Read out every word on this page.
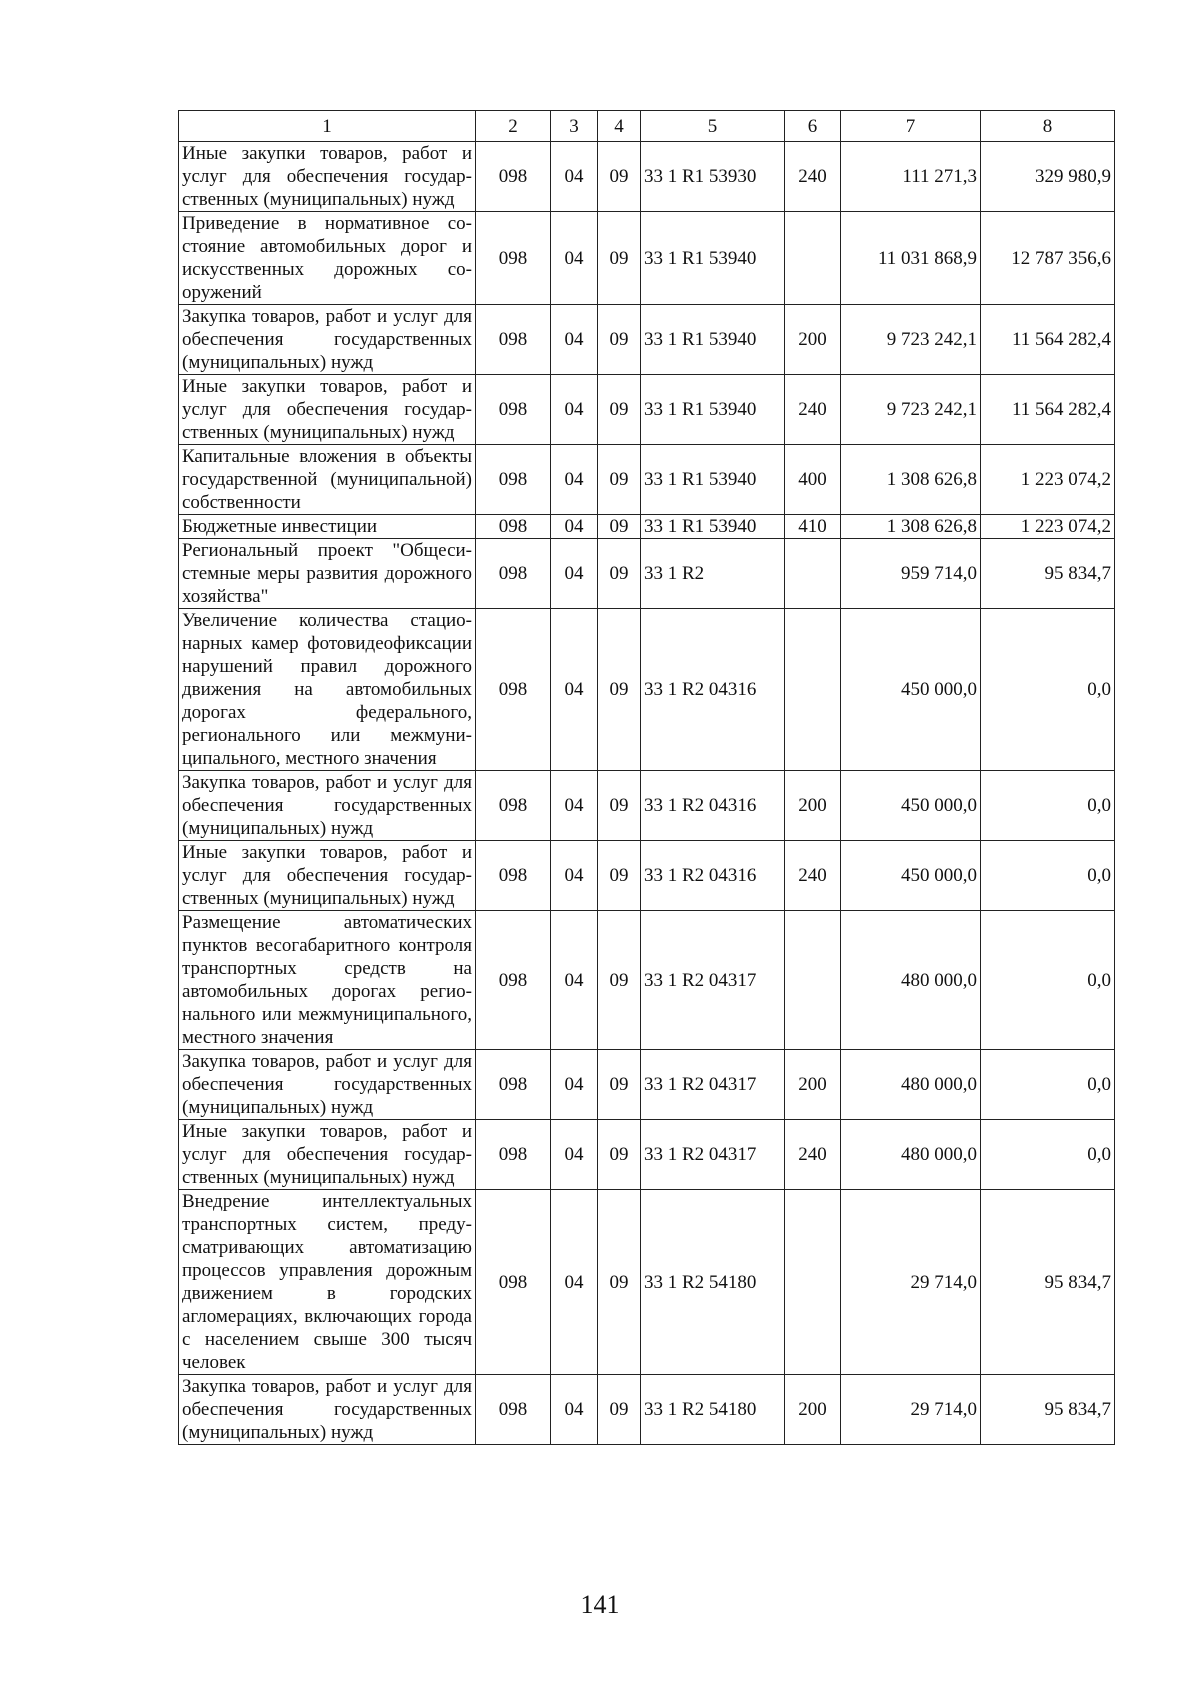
1	2	3	4	5	6	7	8
Иные закупки товаров, работ и услуг для обеспечения государственных (муниципальных) нужд	098	04	09	33 1 R1 53930	240	111 271,3	329 980,9
Приведение в нормативное состояние автомобильных дорог и искусственных дорожных сооружений	098	04	09	33 1 R1 53940		11 031 868,9	12 787 356,6
Закупка товаров, работ и услуг для обеспечения государственных (муниципальных) нужд	098	04	09	33 1 R1 53940	200	9 723 242,1	11 564 282,4
Иные закупки товаров, работ и услуг для обеспечения государственных (муниципальных) нужд	098	04	09	33 1 R1 53940	240	9 723 242,1	11 564 282,4
Капитальные вложения в объекты государственной (муниципальной) собственности	098	04	09	33 1 R1 53940	400	1 308 626,8	1 223 074,2
Бюджетные инвестиции	098	04	09	33 1 R1 53940	410	1 308 626,8	1 223 074,2
Региональный проект "Общесистемные меры развития дорожного хозяйства"	098	04	09	33 1 R2		959 714,0	95 834,7
Увеличение количества стационарных камер фотовидеофиксации нарушений правил дорожного движения на автомобильных дорогах федерального, регионального или межмуниципального, местного значения	098	04	09	33 1 R2 04316		450 000,0	0,0
Закупка товаров, работ и услуг для обеспечения государственных (муниципальных) нужд	098	04	09	33 1 R2 04316	200	450 000,0	0,0
Иные закупки товаров, работ и услуг для обеспечения государственных (муниципальных) нужд	098	04	09	33 1 R2 04316	240	450 000,0	0,0
Размещение автоматических пунктов весогабаритного контроля транспортных средств на автомобильных дорогах регионального или межмуниципального, местного значения	098	04	09	33 1 R2 04317		480 000,0	0,0
Закупка товаров, работ и услуг для обеспечения государственных (муниципальных) нужд	098	04	09	33 1 R2 04317	200	480 000,0	0,0
Иные закупки товаров, работ и услуг для обеспечения государственных (муниципальных) нужд	098	04	09	33 1 R2 04317	240	480 000,0	0,0
Внедрение интеллектуальных транспортных систем, предусматривающих автоматизацию процессов управления дорожным движением в городских агломерациях, включающих города с населением свыше 300 тысяч человек	098	04	09	33 1 R2 54180		29 714,0	95 834,7
Закупка товаров, работ и услуг для обеспечения государственных (муниципальных) нужд	098	04	09	33 1 R2 54180	200	29 714,0	95 834,7
141
